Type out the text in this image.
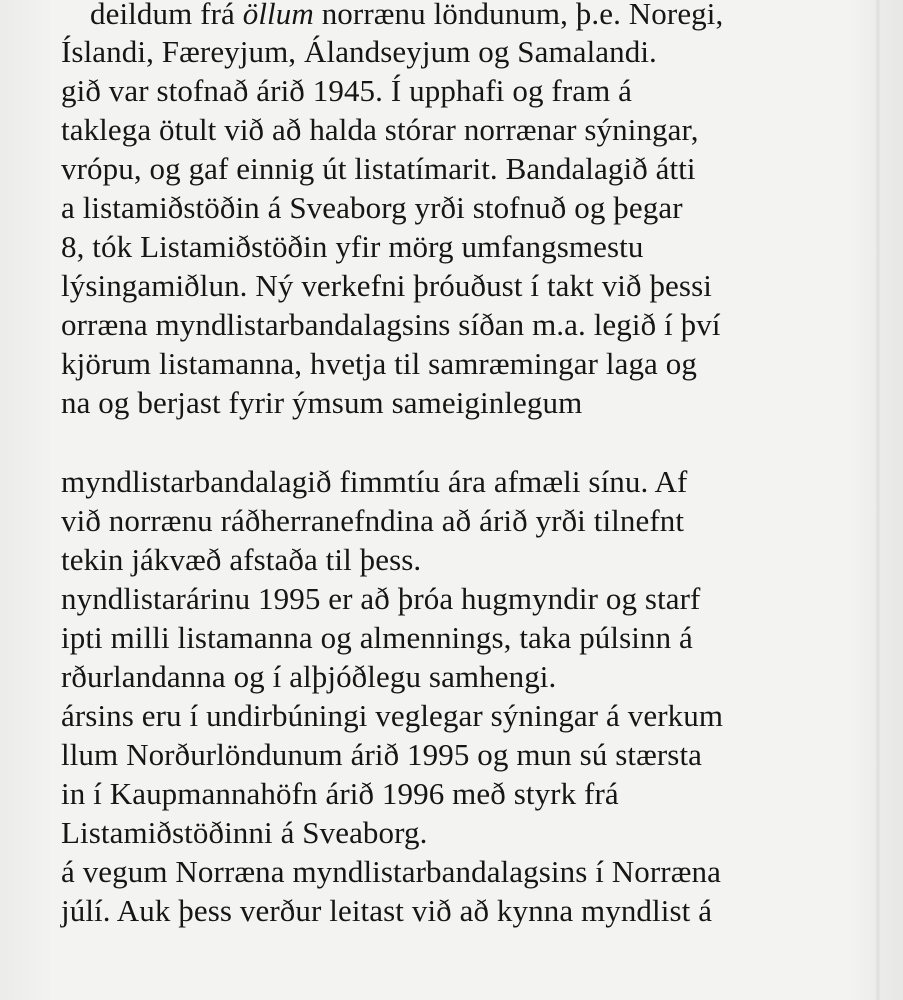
deildum frá öllum norrænu löndunum, þ.e. Noregi,
Íslandi, Færeyjum, Álandseyjum og Samalandi.
gið var stofnað árið 1945. Í upphafi og fram á
taklega ötult við að halda stórar norrænar sýningar,
vrópu, og gaf einnig út listatímarit. Bandalagið átti
a listamiðstöðin á Sveaborg yrði stofnuð og þegar
8, tók Listamiðstöðin yfir mörg umfangsmestu
lýsingamiðlun. Ný verkefni þróuðust í takt við þessi
orræna myndlistarbandalagsins síðan m.a. legið í því
kjörum listamanna, hvetja til samræmingar laga og
na og berjast fyrir ýmsum sameiginlegum
myndlistarbandalagið fimmtíu ára afmæli sínu. Af
við norrænu ráðherranefndina að árið yrði tilnefnt
tekin jákvæð afstaða til þess.
nyndlistarárinu 1995 er að þróa hugmyndir og starf
ipti milli listamanna og almennings, taka púlsinn á
rðurlandanna og í alþjóðlegu samhengi.
ársins eru í undirbúningi veglegar sýningar á verkum
llum Norðurlöndunum árið 1995 og mun sú stærsta
in í Kaupmannahöfn árið 1996 með styrk frá
Listamiðstöðinni á Sveaborg.
á vegum Norræna myndlistarbandalagsins í Norræna
júlí. Auk þess verður leitast við að kynna myndlist á
